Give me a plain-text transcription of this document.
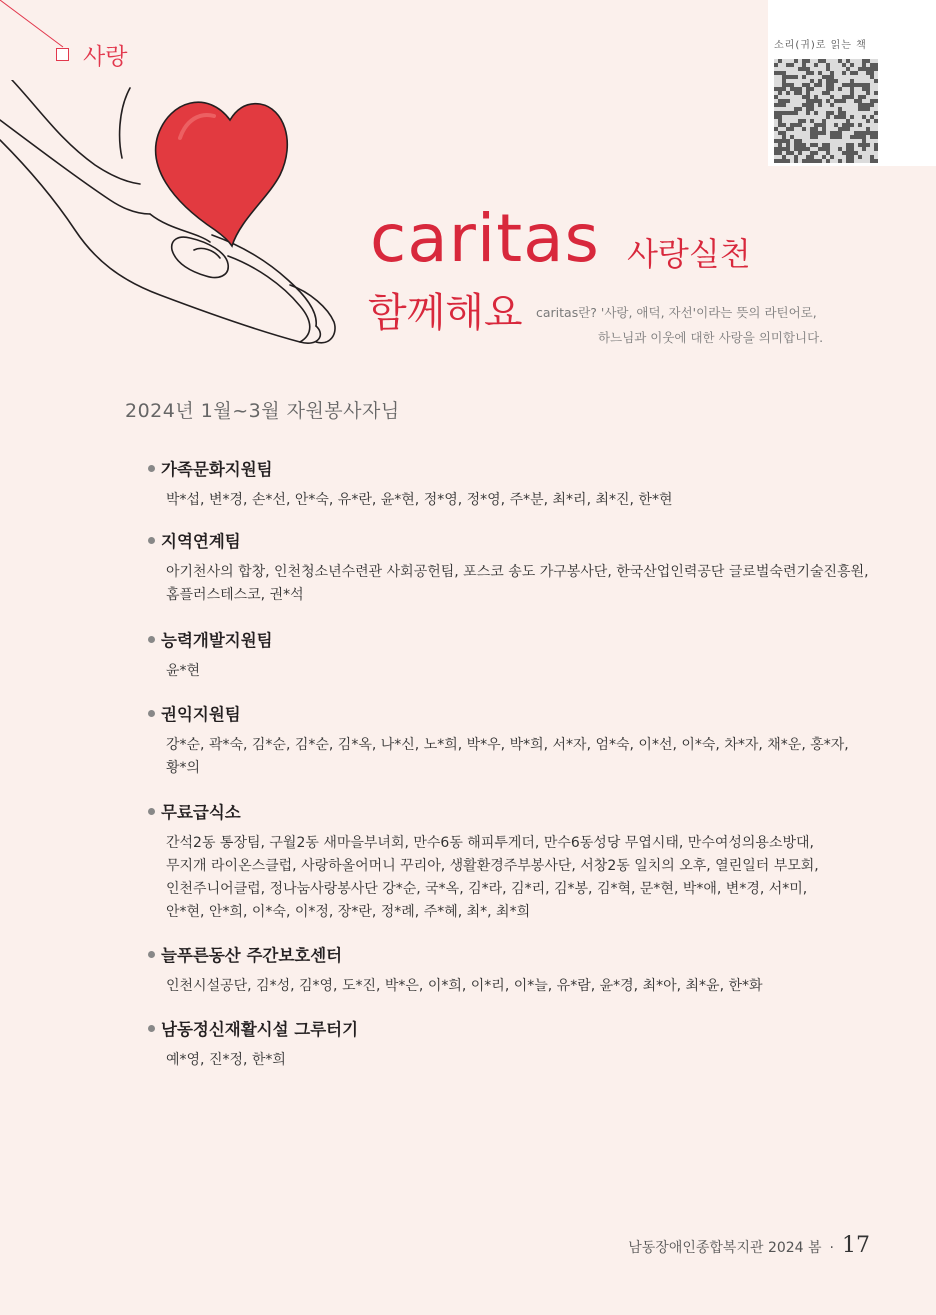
사랑	소리(귀)로 읽는 책
caritas 사랑실천
함께해요 caritas란? '사랑, 애덕, 자선'이라는 뜻의 라틴어로,
하느님과 이웃에 대한 사랑을 의미합니다.
2024년 1월~3월 자원봉사자님
가족문화지원팀
박*섭, 변*경, 손*선, 안*숙, 유*란, 윤*현, 정*영, 정*영, 주*분, 최*리, 최*진, 한*현
지역연계팀
아기천사의 합창, 인천청소년수련관 사회공헌팀, 포스코 송도 가구봉사단, 한국산업인력공단 글로벌숙련기술진흥원,
홈플러스테스코, 권*석
능력개발지원팀
윤*현
권익지원팀
강*순, 곽*숙, 김*순, 김*순, 김*옥, 나*신, 노*희, 박*우, 박*희, 서*자, 엄*숙, 이*선, 이*숙, 차*자, 채*운, 홍*자,
황*의
무료급식소
간석2동 통장팀, 구월2동 새마을부녀회, 만수6동 해피투게더, 만수6동성당 무엽시태, 만수여성의용소방대,
무지개 라이온스클럽, 사랑하올어머니 꾸리아, 생활환경주부봉사단, 서창2동 일치의 오후, 열린일터 부모회,
인천주니어클럽, 정나눔사랑봉사단 강*순, 국*옥, 김*라, 김*리, 김*봉, 김*혁, 문*현, 박*애, 변*경, 서*미,
안*현, 안*희, 이*숙, 이*정, 장*란, 정*례, 주*혜, 최*, 최*희
늘푸른동산 주간보호센터
인천시설공단, 김*성, 김*영, 도*진, 박*은, 이*희, 이*리, 이*늘, 유*람, 윤*경, 최*아, 최*윤, 한*화
남동정신재활시설 그루터기
예*영, 진*정, 한*희
남동장애인종합복지관 2024 봄 · 17
